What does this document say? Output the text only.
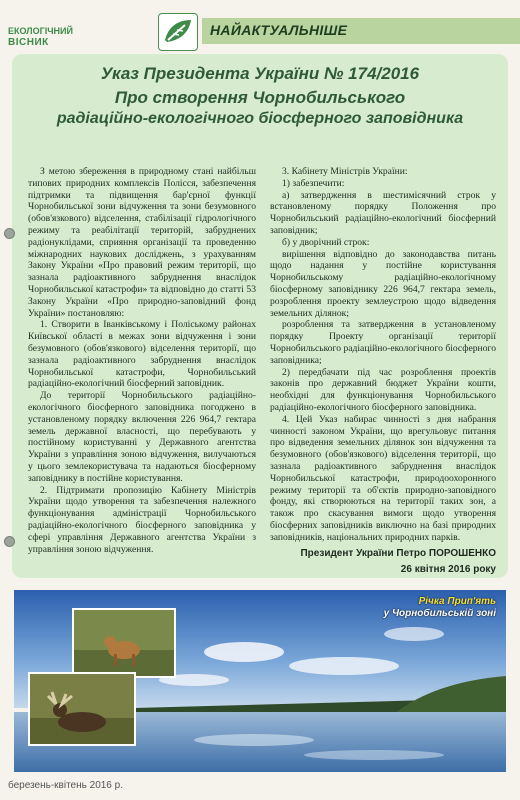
ЕКОЛОГІЧНИЙ
ВІСНИК
НАЙАКТУАЛЬНІШЕ
Указ Президента України № 174/2016
Про створення Чорнобильського
радіаційно-екологічного біосферного заповідника

З метою збереження в природному стані найбільш типових природних комплексів Полісся, забезпечення підтримки та підвищення бар'єрної функції Чорнобильської зони відчуження та зони безумовного (обов'язкового) відселення, стабілізації гідрологічного режиму та реабілітації територій, забруднених радіонуклідами, сприяння організації та проведенню міжнародних наукових досліджень, з урахуванням Закону України «Про правовий режим території, що зазнала радіоактивного забруднення внаслідок Чорнобильської катастрофи» та відповідно до статті 53 Закону України «Про природно-заповідний фонд України» постановляю:

1. Створити в Іванківському і Поліському районах Київської області в межах зони відчуження і зони безумовного (обов'язкового) відселення території, що зазнала радіоактивного забруднення внаслідок Чорнобильської катастрофи, Чорнобильський радіаційно-екологічний біосферний заповідник.

До території Чорнобильського радіаційно-екологічного біосферного заповідника погоджено в установленому порядку включення 226 964,7 гектара земель державної власності, що перебувають у постійному користуванні у Державного агентства України з управління зоною відчуження, вилучаються у цього землекористувача та надаються біосферному заповіднику в постійне користування.

2. Підтримати пропозицію Кабінету Міністрів України щодо утворення та забезпечення належного функціонування адміністрації Чорнобильського радіаційно-екологічного біосферного заповідника у сфері управління Державного агентства України з управління зоною відчуження.

3. Кабінету Міністрів України:

1) забезпечити:

а) затвердження в шестимісячний строк у встановленому порядку Положення про Чорнобильський радіаційно-екологічний біосферний заповідник;

б) у дворічний строк:

вирішення відповідно до законодавства питань щодо надання у постійне користування Чорнобильському радіаційно-екологічному біосферному заповіднику 226 964,7 гектара земель, розроблення проекту землеустрою щодо відведення земельних ділянок;

розроблення та затвердження в установленому порядку Проекту організації території Чорнобильського радіаційно-екологічного біосферного заповідника;

2) передбачати під час розроблення проектів законів про державний бюджет України кошти, необхідні для функціонування Чорнобильського радіаційно-екологічного біосферного заповідника.

4. Цей Указ набирає чинності з дня набрання чинності законом України, що врегульовує питання про відведення земельних ділянок зон відчуження та безумовного (обов'язкового) відселення території, що зазнала радіоактивного забруднення внаслідок Чорнобильської катастрофи, природоохоронного режиму території та об'єктів природно-заповідного фонду, які створюються на території таких зон, а також про скасування вимоги щодо утворення біосферних заповідників виключно на базі природних заповідників, національних природних парків.

Президент України Петро ПОРОШЕНКО

26 квітня 2016 року

Річка Прип'ять
у Чорнобильській зоні
березень-квітень 2016 р.
